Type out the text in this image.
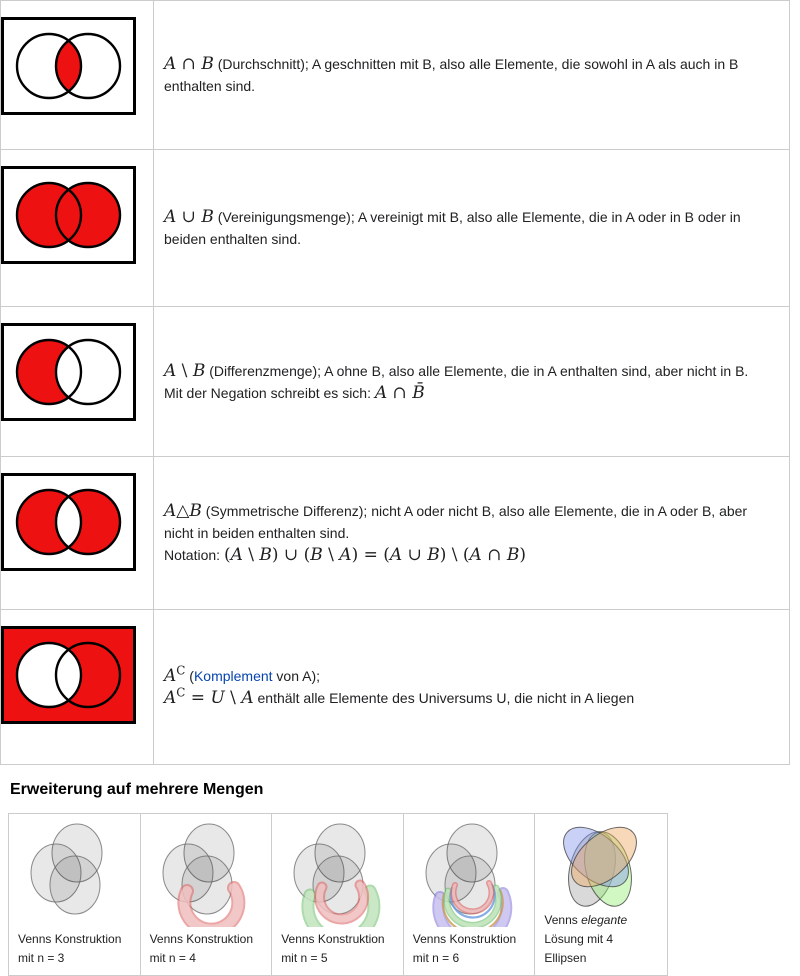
	A ∩ B (Durchschnitt); A geschnitten mit B, also alle Elemente, die sowohl in A als auch in B enthalten sind.

	A ∪ B (Vereinigungsmenge); A vereinigt mit B, also alle Elemente, die in A oder in B oder in beiden enthalten sind.

A \ B (Differenzmenge); A ohne B, also alle Elemente, die in A enthalten sind, aber nicht in B.
Mit der Negation schreibt es sich: A ∩ B̄

A△B (Symmetrische Differenz); nicht A oder nicht B, also alle Elemente, die in A oder B, aber nicht in beiden enthalten sind.
Notation: (A \ B) ∪ (B \ A) = (A ∪ B) \ (A ∩ B)

$A^C$ (Komplement von A);
$A^C = U$ \ A enthält alle Elemente des Universums U, die nicht in A liegen
Erweiterung auf mehrere Mengen
Venns Konstruktion mit n = 3
Venns Konstruktion mit n = 4
Venns Konstruktion mit n = 5
Venns Konstruktion mit n = 6
Venns elegante Lösung mit 4 Ellipsen
